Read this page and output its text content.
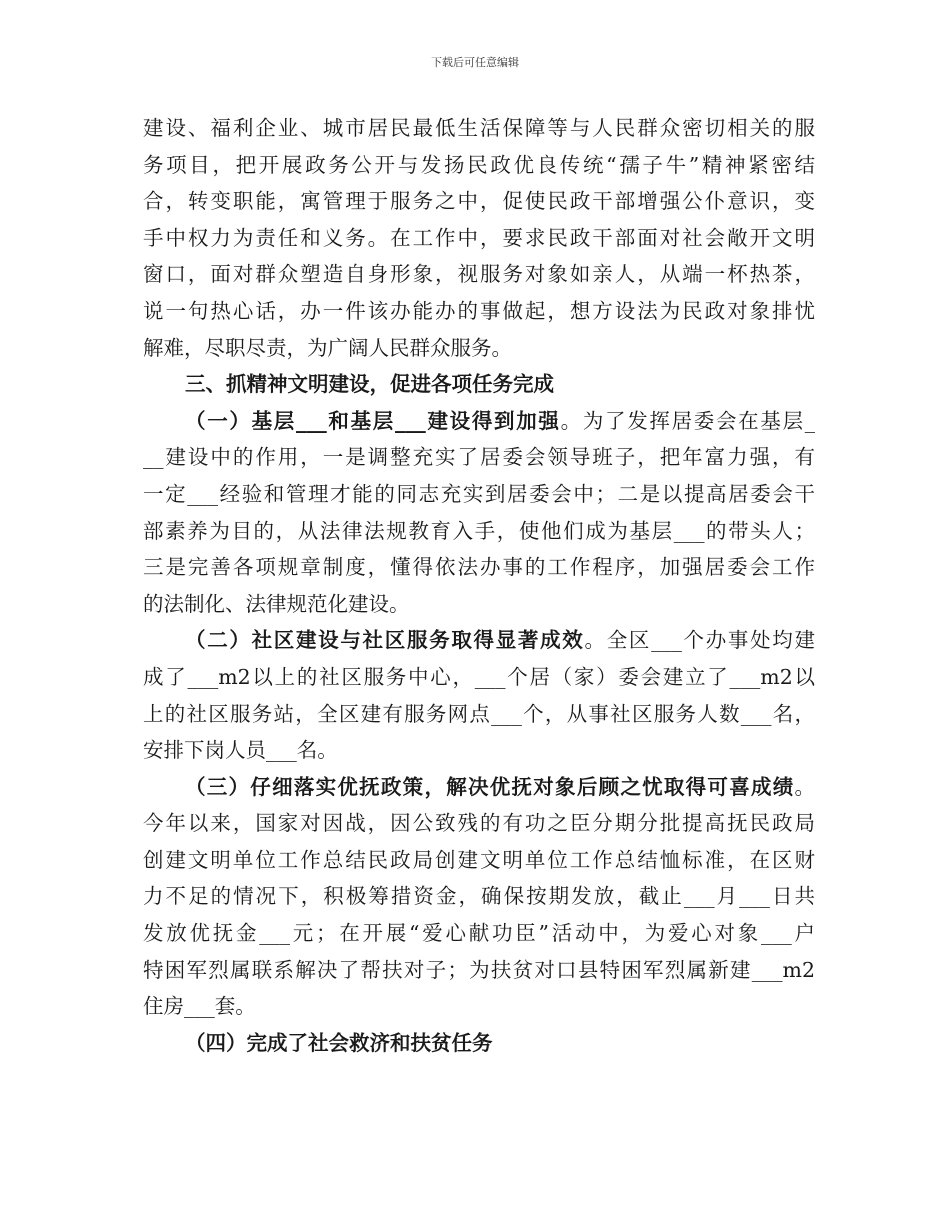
下载后可任意编辑
建设、福利企业、城市居民最低生活保障等与人民群众密切相关的服
务项目，把开展政务公开与发扬民政优良传统“孺子牛”精神紧密结
合，转变职能，寓管理于服务之中，促使民政干部增强公仆意识，变
手中权力为责任和义务。在工作中，要求民政干部面对社会敞开文明
窗口，面对群众塑造自身形象，视服务对象如亲人，从端一杯热茶，
说一句热心话，办一件该办能办的事做起，想方设法为民政对象排忧
解难，尽职尽责，为广阔人民群众服务。
三、抓精神文明建设，促进各项任务完成
（一）基层___和基层___建设得到加强。为了发挥居委会在基层_
__建设中的作用，一是调整充实了居委会领导班子，把年富力强，有
一定___经验和管理才能的同志充实到居委会中；二是以提高居委会干
部素养为目的，从法律法规教育入手，使他们成为基层___的带头人；
三是完善各项规章制度，懂得依法办事的工作程序，加强居委会工作
的法制化、法律规范化建设。
（二）社区建设与社区服务取得显著成效。全区___个办事处均建
成了___m2以上的社区服务中心，___个居（家）委会建立了___m2以
上的社区服务站，全区建有服务网点___个，从事社区服务人数___名，
安排下岗人员___名。
（三）仔细落实优抚政策，解决优抚对象后顾之忧取得可喜成绩。
今年以来，国家对因战，因公致残的有功之臣分期分批提高抚民政局
创建文明单位工作总结民政局创建文明单位工作总结恤标准，在区财
力不足的情况下，积极筹措资金，确保按期发放，截止___月___日共
发放优抚金___元；在开展“爱心献功臣”活动中，为爱心对象___户
特困军烈属联系解决了帮扶对子；为扶贫对口县特困军烈属新建___m2
住房___套。
（四）完成了社会救济和扶贫任务
